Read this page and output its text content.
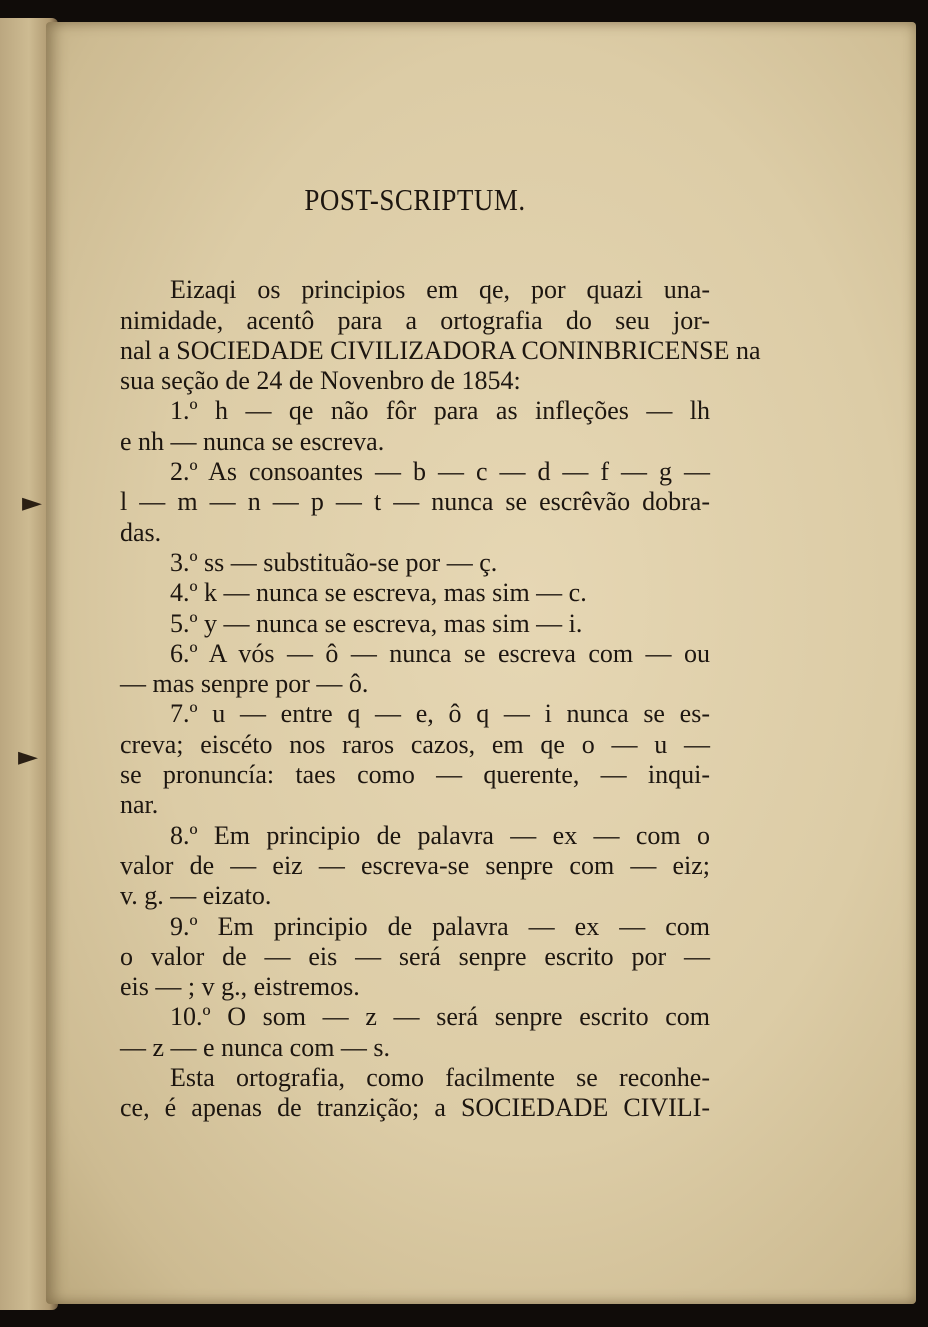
►
►
POST-SCRIPTUM.
Eizaqi os principios em qe, por quazi una-
nimidade, acentô para a ortografia do seu jor-
nal a SOCIEDADE CIVILIZADORA CONINBRICENSE na
sua seção de 24 de Novenbro de 1854:
1.º h — qe não fôr para as infleções — lh
e nh — nunca se escreva.
2.º As consoantes — b — c — d — f — g —
l — m — n — p — t — nunca se escrêvão dobra-
das.
3.º ss — substituão-se por — ç.
4.º k — nunca se escreva, mas sim — c.
5.º y — nunca se escreva, mas sim — i.
6.º A vós — ô — nunca se escreva com — ou
— mas senpre por — ô.
7.º u — entre q — e, ô q — i nunca se es-
creva; eiscéto nos raros cazos, em qe o — u —
se pronuncía: taes como — querente, — inqui-
nar.
8.º Em principio de palavra — ex — com o
valor de — eiz — escreva-se senpre com — eiz;
v. g. — eizato.
9.º Em principio de palavra — ex — com
o valor de — eis — será senpre escrito por —
eis — ; v g., eistremos.
10.º O som — z — será senpre escrito com
— z — e nunca com — s.
Esta ortografia, como facilmente se reconhe-
ce, é apenas de tranzição; a SOCIEDADE CIVILI-
